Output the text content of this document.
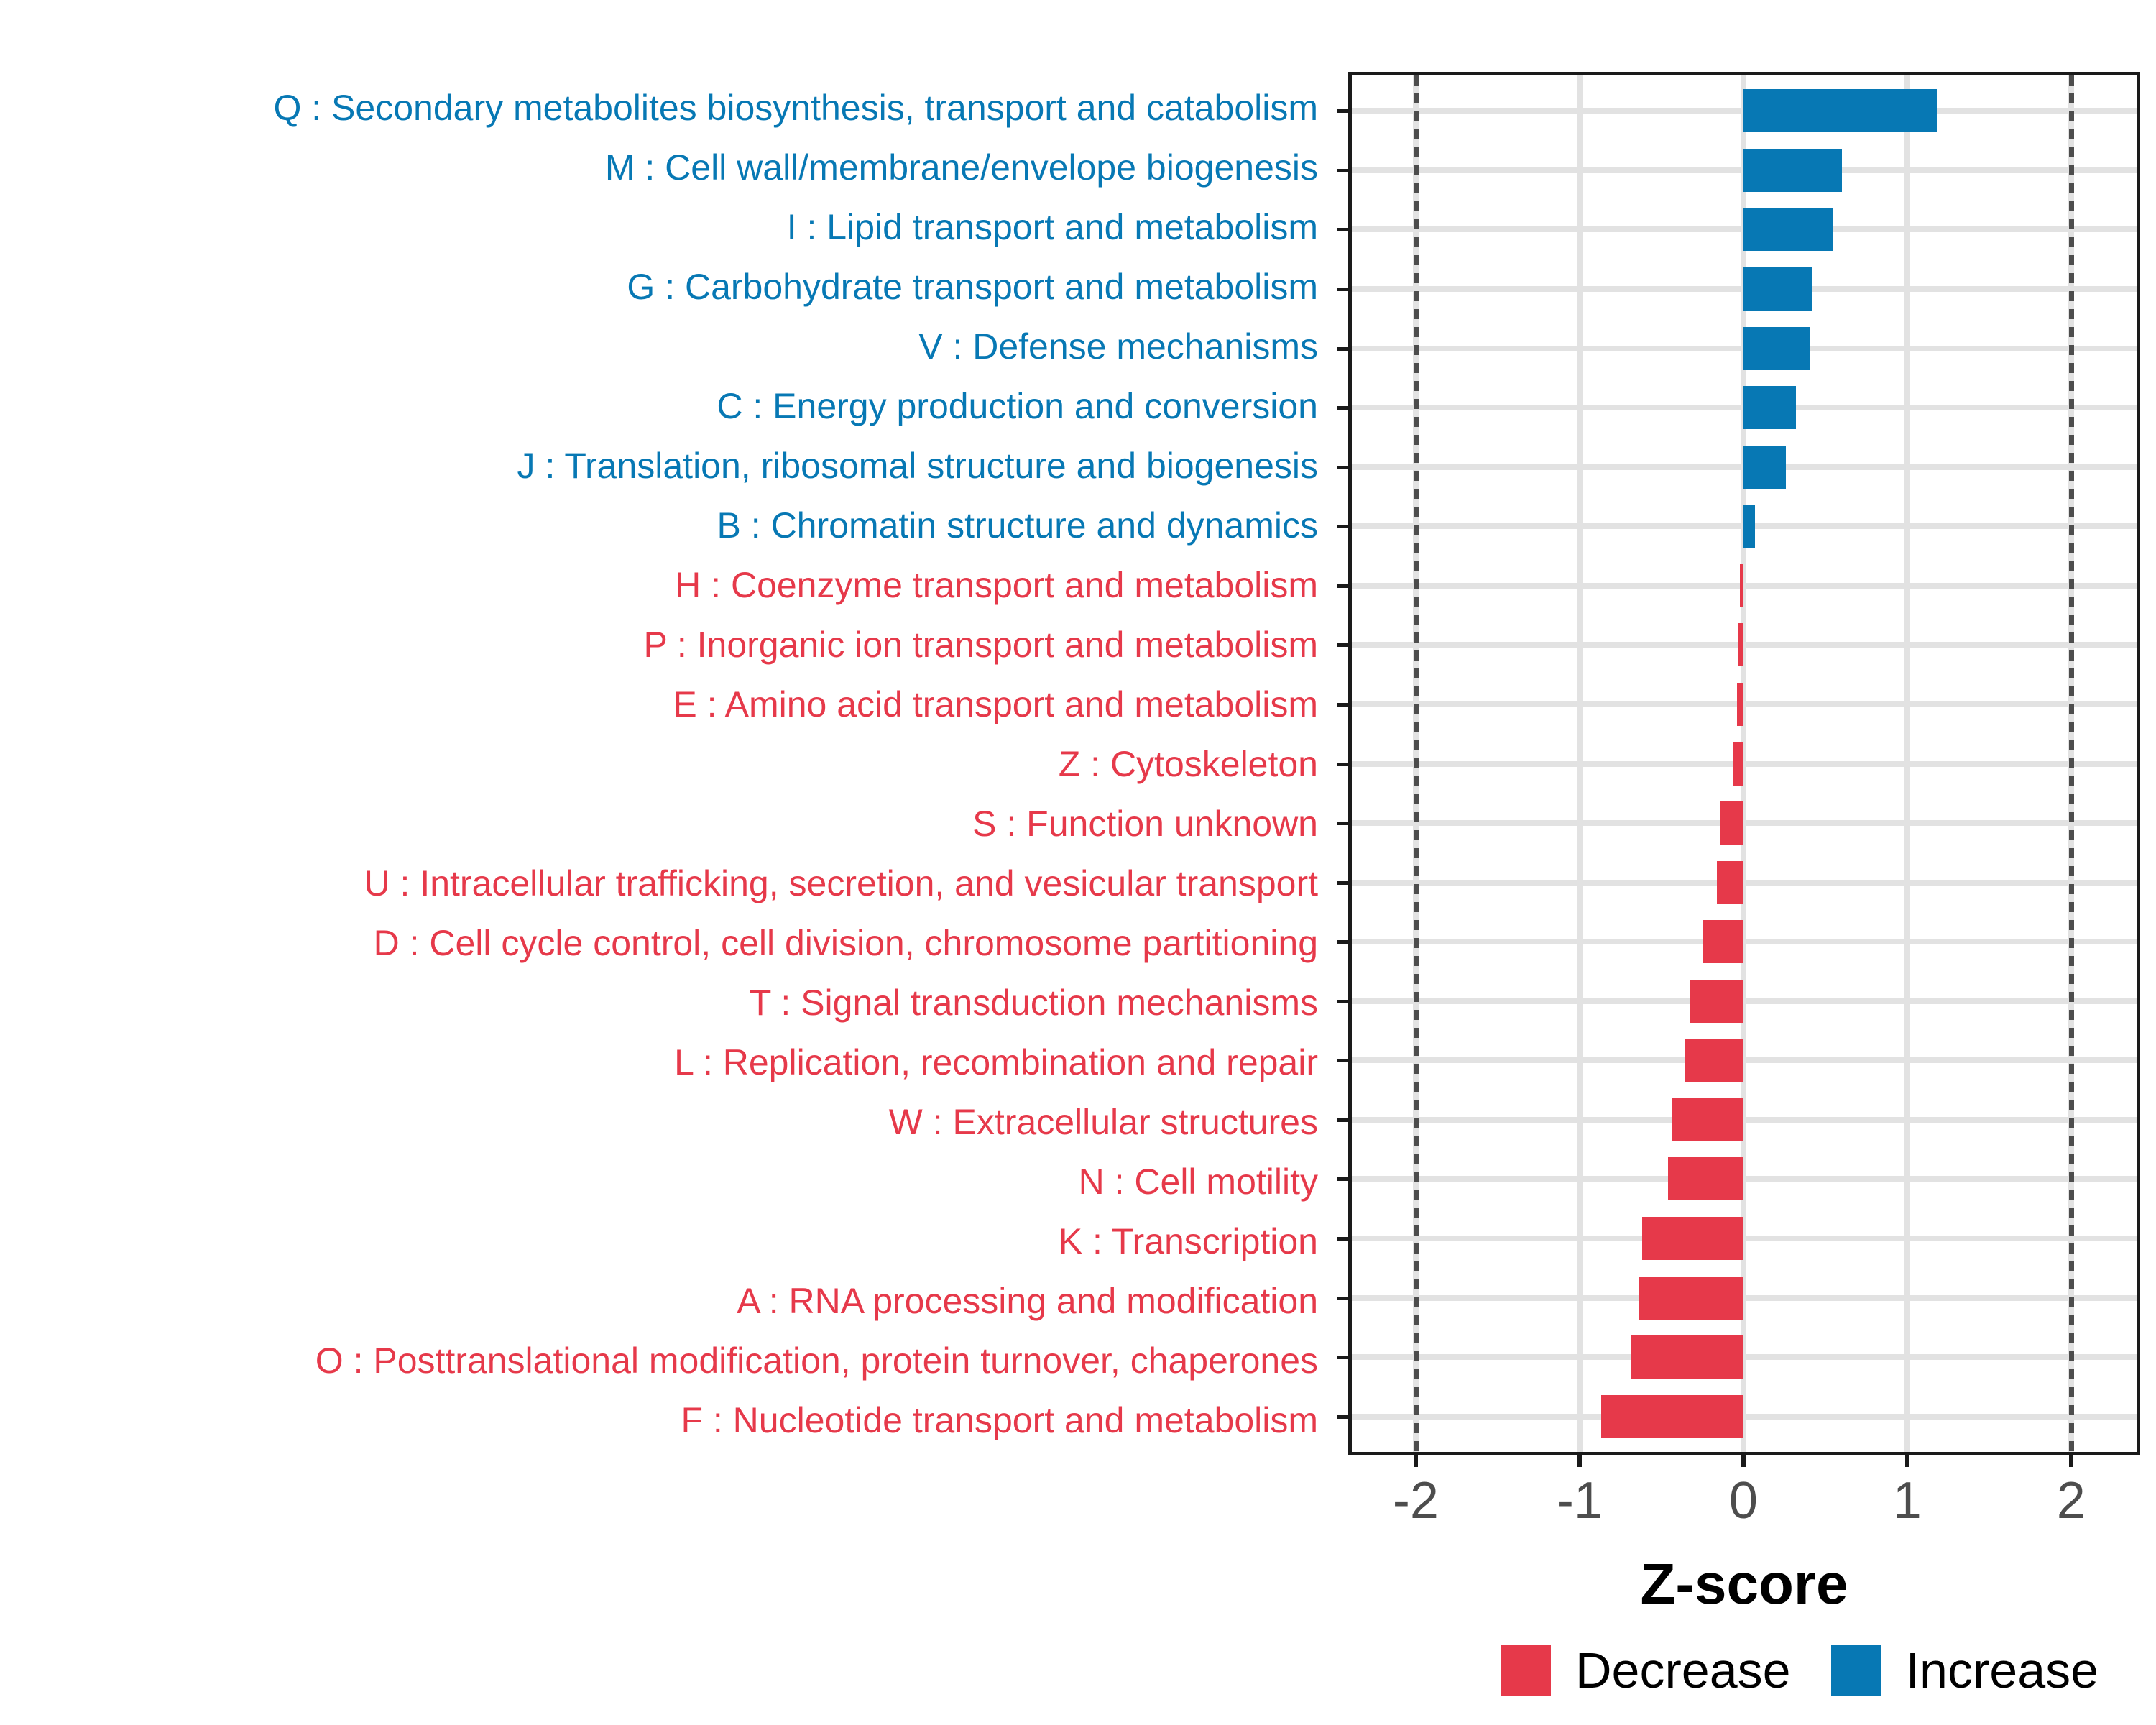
Q : Secondary metabolites biosynthesis, transport and catabolism
M : Cell wall/membrane/envelope biogenesis
I : Lipid transport and metabolism
G : Carbohydrate transport and metabolism
V : Defense mechanisms
C : Energy production and conversion
J : Translation, ribosomal structure and biogenesis
B : Chromatin structure and dynamics
H : Coenzyme transport and metabolism
P : Inorganic ion transport and metabolism
E : Amino acid transport and metabolism
Z : Cytoskeleton
S : Function unknown
U : Intracellular trafficking, secretion, and vesicular transport
D : Cell cycle control, cell division, chromosome partitioning
T : Signal transduction mechanisms
L : Replication, recombination and repair
W : Extracellular structures
N : Cell motility
K : Transcription
A : RNA processing and modification
O : Posttranslational modification, protein turnover, chaperones
F : Nucleotide transport and metabolism
-2 -1 0	1	2
Z-score
Decrease Increase
